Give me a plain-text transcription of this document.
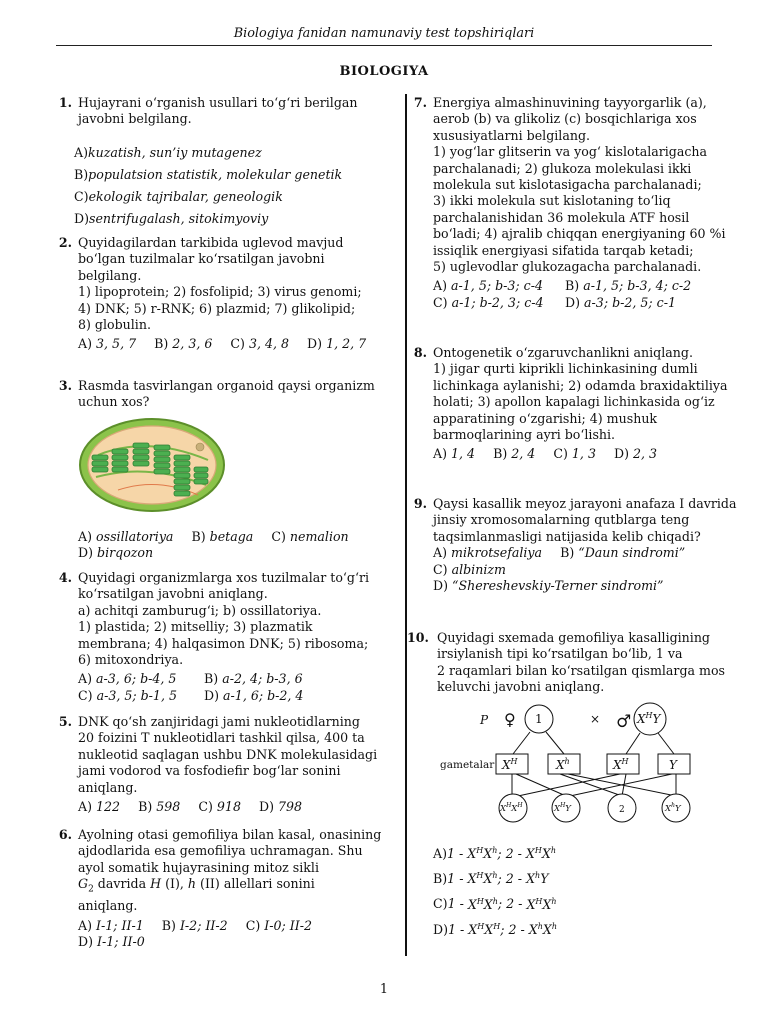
Biologiya fanidan namunaviy test topshiriqlari
BIOLOGIYA
1. Hujayrani o‘rganish usullari to‘g‘ri berilgan
javobni belgilang.
A)kuzatish, sun’iy mutagenez
B)populatsion statistik, molekular genetik
C)ekologik tajribalar, geneologik
D)sentrifugalash, sitokimyoviy
2. Quyidagilardan tarkibida uglevod mavjud
bo‘lgan tuzilmalar ko‘rsatilgan javobni
belgilang.
1) lipoprotein; 2) fosfolipid; 3) virus genomi;
4) DNK; 5) r-RNK; 6) plazmid; 7) glikolipid;
8) globulin.
A) 3, 5, 7 B) 2, 3, 6 C) 3, 4, 8 D) 1, 2, 7
3. Rasmda tasvirlangan organoid qaysi organizm
uchun xos?
A) ossillatoriya B) betaga C) nemalion
D) birqozon
4. Quyidagi organizmlarga xos tuzilmalar to‘g‘ri
ko‘rsatilgan javobni aniqlang.
a) achitqi zamburug‘i; b) ossillatoriya.
1) plastida; 2) mitselliy; 3) plazmatik
membrana; 4) halqasimon DNK; 5) ribosoma;
6) mitoxondriya.
A) a-3, 6; b-4, 5 B) a-2, 4; b-3, 6
C) a-3, 5; b-1, 5 D) a-1, 6; b-2, 4
5. DNK qo‘sh zanjiridagi jami nukleotidlarning
20 foizini T nukleotidlari tashkil qilsa, 400 ta
nukleotid saqlagan ushbu DNK molekulasidagi
jami vodorod va fosfodiefir bog‘lar sonini
aniqlang.
A) 122 B) 598 C) 918 D) 798
6. Ayolning otasi gemofiliya bilan kasal, onasining
ajdodlarida esa gemofiliya uchramagan. Shu
ayol somatik hujayrasining mitoz sikli
$G_2$ davrida H (I), h (II) allellari sonini
aniqlang.
A) I-1; II-1 B) I-2; II-2 C) I-0; II-2
D) I-1; II-0
7. Energiya almashinuvining tayyorgarlik (a),
aerob (b) va glikoliz (c) bosqichlariga xos
xususiyatlarni belgilang.
1) yog‘lar glitserin va yog‘ kislotalarigacha
parchalanadi; 2) glukoza molekulasi ikki
molekula sut kislotasigacha parchalanadi;
3) ikki molekula sut kislotaning to‘liq
parchalanishidan 36 molekula ATF hosil
bo‘ladi; 4) ajralib chiqqan energiyaning 60 %i
issiqlik energiyasi sifatida tarqab ketadi;
5) uglevodlar glukozagacha parchalanadi.
A) a-1, 5; b-3; c-4 B) a-1, 5; b-3, 4; c-2
C) a-1; b-2, 3; c-4 D) a-3; b-2, 5; c-1
8. Ontogenetik o‘zgaruvchanlikni aniqlang.
1) jigar qurti kiprikli lichinkasining dumli
lichinkaga aylanishi; 2) odamda braxidaktiliya
holati; 3) apollon kapalagi lichinkasida og‘iz
apparatining o‘zgarishi; 4) mushuk
barmoqlarining ayri bo‘lishi.
A) 1, 4 B) 2, 4 C) 1, 3 D) 2, 3
9. Qaysi kasallik meyoz jarayoni anafaza I davrida
jinsiy xromosomalarning qutblarga teng
taqsimlanmasligi natijasida kelib chiqadi?
A) mikrotsefaliya B) “Daun sindromi”
C) albinizm
D) “Shereshevskiy-Terner sindromi”
10. Quyidagi sxemada gemofiliya kasalligining
irsiylanish tipi ko‘rsatilgan bo‘lib, 1 va
2 raqamlari bilan ko‘rsatilgan qismlarga mos
keluvchi javobni aniqlang.
P ♀ 1	× ♂ $X^HY$
gametalar $X^H$	$X^h$	$X^H$	Y
$X^HX^H$	$X^HY$	2	$X^hY$
$A)1 - X^HX^h$; $2 - X^HX^h$
$B)1 - X^HX^h$; $2 - X^hY$
$C)1 - X^HX^h$; $2 - X^HX^h$
$D)1 - X^HX^H$; $2 - X^hX^h$
1
